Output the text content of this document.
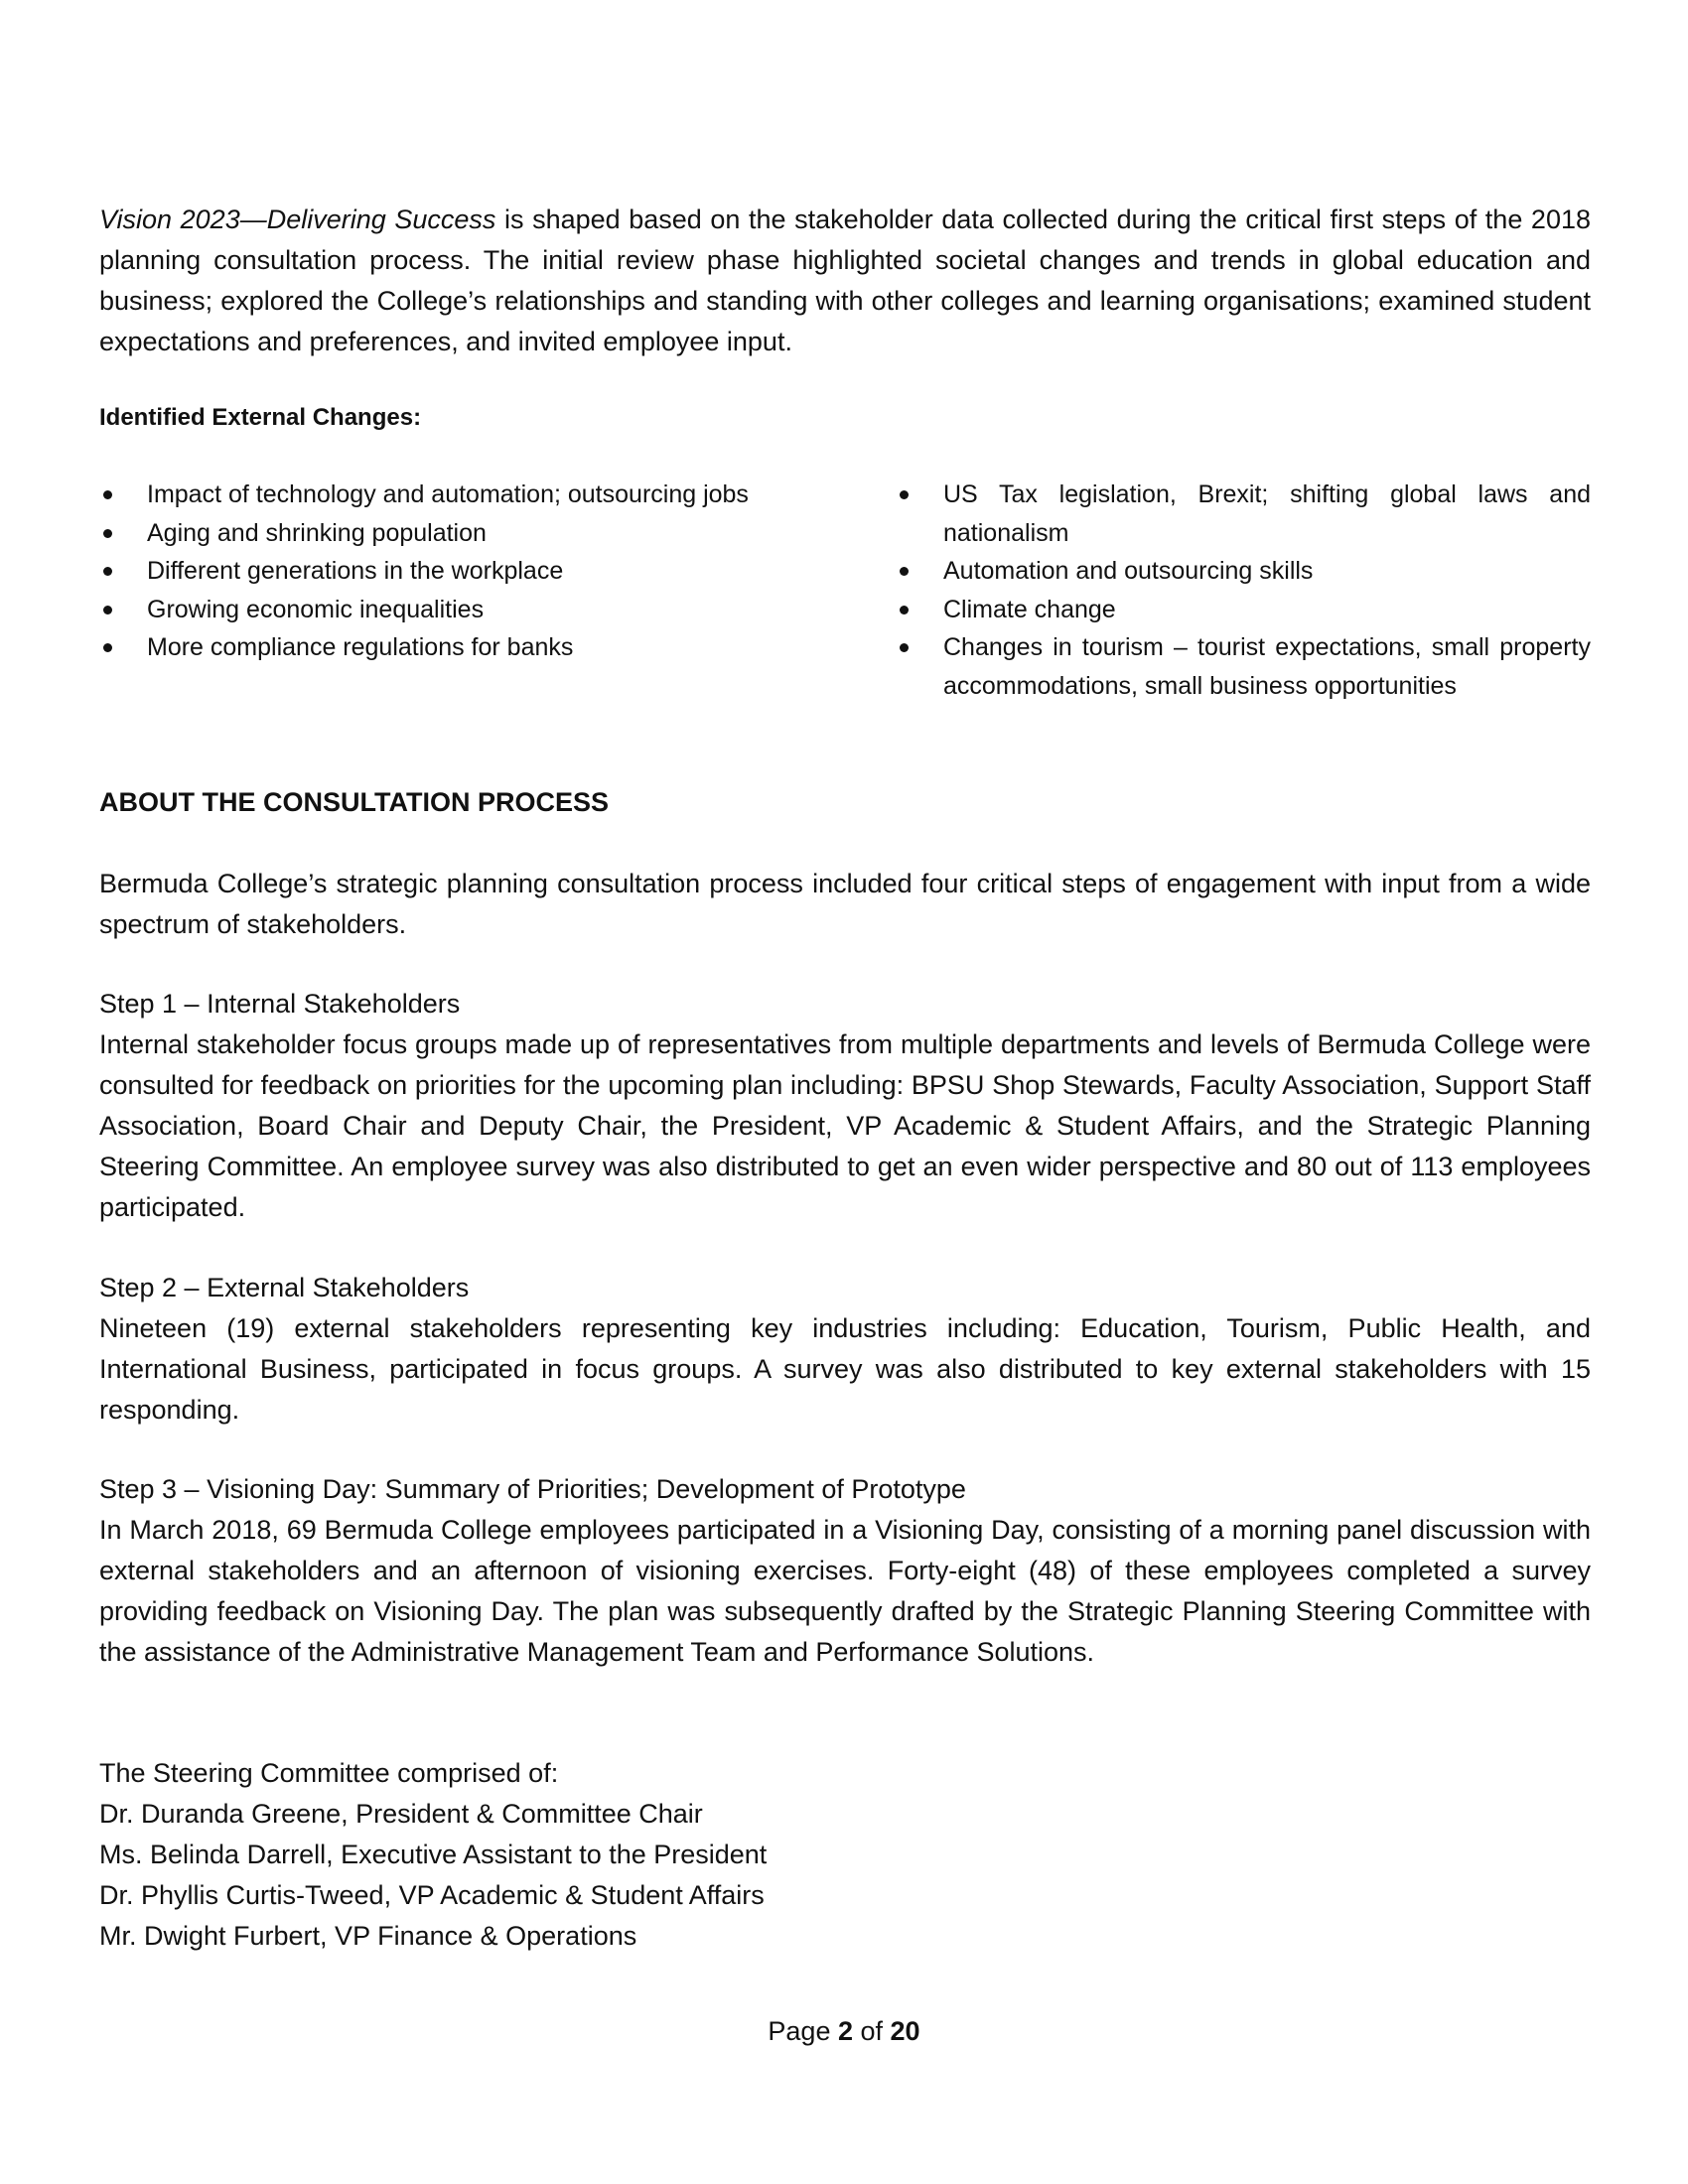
Vision 2023—Delivering Success is shaped based on the stakeholder data collected during the critical first steps of the 2018 planning consultation process. The initial review phase highlighted societal changes and trends in global education and business; explored the College’s relationships and standing with other colleges and learning organisations; examined student expectations and preferences, and invited employee input.

Identified External Changes:
Impact of technology and automation; outsourcing jobs
Aging and shrinking population
Different generations in the workplace
Growing economic inequalities
More compliance regulations for banks
US Tax legislation, Brexit; shifting global laws and nationalism
Automation and outsourcing skills
Climate change
Changes in tourism – tourist expectations, small property accommodations, small business opportunities
ABOUT THE CONSULTATION PROCESS

Bermuda College’s strategic planning consultation process included four critical steps of engagement with input from a wide spectrum of stakeholders.

Step 1 – Internal Stakeholders
Internal stakeholder focus groups made up of representatives from multiple departments and levels of Bermuda College were consulted for feedback on priorities for the upcoming plan including: BPSU Shop Stewards, Faculty Association, Support Staff Association, Board Chair and Deputy Chair, the President, VP Academic & Student Affairs, and the Strategic Planning Steering Committee. An employee survey was also distributed to get an even wider perspective and 80 out of 113 employees participated.
Step 2 – External Stakeholders
Nineteen (19) external stakeholders representing key industries including: Education, Tourism, Public Health, and International Business, participated in focus groups. A survey was also distributed to key external stakeholders with 15 responding.
Step 3 – Visioning Day: Summary of Priorities; Development of Prototype
In March 2018, 69 Bermuda College employees participated in a Visioning Day, consisting of a morning panel discussion with external stakeholders and an afternoon of visioning exercises. Forty-eight (48) of these employees completed a survey providing feedback on Visioning Day. The plan was subsequently drafted by the Strategic Planning Steering Committee with the assistance of the Administrative Management Team and Performance Solutions.
The Steering Committee comprised of:
Dr. Duranda Greene, President & Committee Chair
Ms. Belinda Darrell, Executive Assistant to the President
Dr. Phyllis Curtis-Tweed, VP Academic & Student Affairs
Mr. Dwight Furbert, VP Finance & Operations
Page 2 of 20
